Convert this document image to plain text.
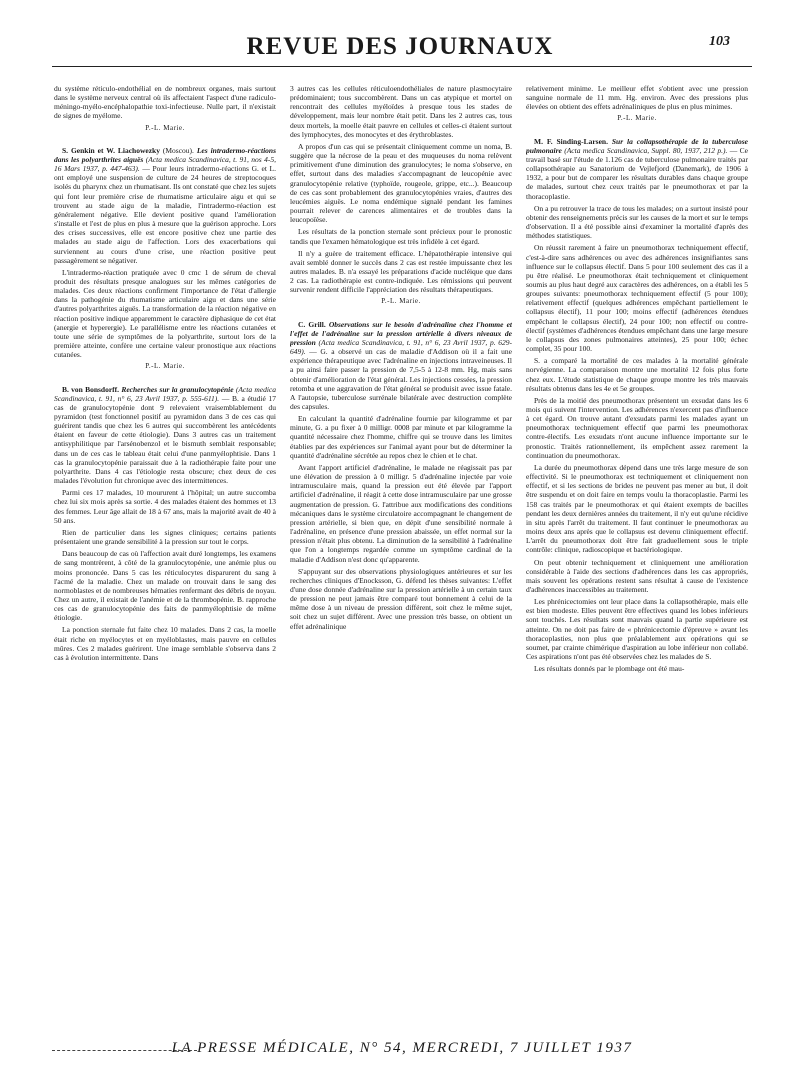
REVUE DES JOURNAUX	103

du système réticulo-endothélial en de nombreux organes, mais surtout dans le système nerveux central où ils affectaient l'aspect d'une radiculo-méningo-myélo-encéphalopathie toxi-infectieuse. Nulle part, il n'existait de signes de myélome.

P.-L. Marie.

S. Genkin et W. Liachowezky (Moscou). Les intradermo-réactions dans les polyarthrites aiguës (Acta medica Scandinavica, t. 91, nos 4-5, 16 Mars 1937, p. 447-463). — Pour leurs intradermo-réactions G. et L. ont employé une suspension de culture de 24 heures de streptocoques isolés du pharynx chez un rhumatisant. Ils ont constaté que chez les sujets qui font leur première crise de rhumatisme articulaire aigu et qui se trouvent au stade aigu de la maladie, l'intradermo-réaction est généralement négative. Elle devient positive quand l'amélioration s'installe et l'est de plus en plus à mesure que la guérison approche. Lors des crises successives, elle est encore positive chez une partie des malades au stade aigu de l'affection. Lors des exacerbations qui surviennent au cours d'une crise, une réaction positive peut passagèrement se négativer.

L'intradermo-réaction pratiquée avec 0 cmc 1 de sérum de cheval produit des résultats presque analogues sur les mêmes catégories de malades. Ces deux réactions confirment l'importance de l'état d'allergie dans la pathogénie du rhumatisme articulaire aigu et dans une série d'autres polyarthrites aiguës. La transformation de la réaction négative en réaction positive indique apparemment le caractère diphasique de cet état (anergie et hyperergie). Le parallélisme entre les réactions cutanées et toute une série de symptômes de la polyarthrite, surtout lors de la première atteinte, confère une certaine valeur pronostique aux réactions cutanées.

P.-L. Marie.

B. von Bonsdorff. Recherches sur la granulocytopénie (Acta medica Scandinavica, t. 91, n° 6, 23 Avril 1937, p. 555-611). — B. a étudié 17 cas de granulocytopénie dont 9 relevaient vraisemblablement du pyramidon (test fonctionnel positif au pyramidon dans 3 de ces cas qui guérirent tandis que chez les 6 autres qui succombèrent les antécédents étaient en faveur de cette étiologie). Dans 3 autres cas un traitement antisyphilitique par l'arsénobenzol et le bismuth semblait responsable; dans un de ces cas le tableau était celui d'une panmyélophtisie. Dans 1 cas la granulocytopénie paraissait due à la radiothérapie faite pour une polyarthrite. Dans 4 cas l'étiologie resta obscure; chez deux de ces malades l'évolution fut chronique avec des intermittences.

Parmi ces 17 malades, 10 moururent à l'hôpital; un autre succomba chez lui six mois après sa sortie. 4 des malades étaient des hommes et 13 des femmes. Leur âge allait de 18 à 67 ans, mais la majorité avait de 40 à 50 ans.

Rien de particulier dans les signes cliniques; certains patients présentaient une grande sensibilité à la pression sur tout le corps.

Dans beaucoup de cas où l'affection avait duré longtemps, les examens de sang montrèrent, à côté de la granulocytopénie, une anémie plus ou moins prononcée. Dans 5 cas les réticulocytes disparurent du sang à l'acmé de la maladie. Chez un malade on trouvait dans le sang des normoblastes et de nombreuses hématies renfermant des débris de noyau. Chez un autre, il existait de l'anémie et de la thrombopénie. B. rapproche ces cas de granulocytopénie des faits de panmyélophtisie de même étiologie.

La ponction sternale fut faite chez 10 malades. Dans 2 cas, la moelle était riche en myélocytes et en myéloblastes, mais pauvre en cellules mûres. Ces 2 malades guérirent. Une image semblable s'observa dans 2 cas à évolution intermittente. Dans

3 autres cas les cellules réticuloendothéliales de nature plasmocytaire prédominaient; tous succombèrent. Dans un cas atypique et mortel on rencontrait des cellules myéloïdes à presque tous les stades de développement, mais leur nombre était petit. Dans les 2 autres cas, tous deux mortels, la moelle était pauvre en cellules et celles-ci étaient surtout des lymphocytes, des monocytes et des érythroblastes.

A propos d'un cas qui se présentait cliniquement comme un noma, B. suggère que la nécrose de la peau et des muqueuses du noma relèvent primitivement d'une diminution des granulocytes; le noma s'observe, en effet, surtout dans des maladies s'accompagnant de leucopénie avec granulocytopénie relative (typhoïde, rougeole, grippe, etc...). Beaucoup de ces cas sont probablement des granulocytopénies vraies, d'autres des leucémies aiguës. Le noma endémique signalé pendant les famines pourrait relever de carences alimentaires et de troubles dans la leucopoïèse.

Les résultats de la ponction sternale sont précieux pour le pronostic tandis que l'examen hématologique est très infidèle à cet égard.

Il n'y a guère de traitement efficace. L'hépatothérapie intensive qui avait semblé donner le succès dans 2 cas est restée impuissante chez les autres malades. B. n'a essayé les préparations d'acide nucléique que dans 2 cas. La radiothérapie est contre-indiquée. Les rémissions qui peuvent survenir rendent difficile l'appréciation des résultats thérapeutiques.

P.-L. Marie.

C. Grill. Observations sur le besoin d'adrénaline chez l'homme et l'effet de l'adrénaline sur la pression artérielle à divers niveaux de pression (Acta medica Scandinavica, t. 91, n° 6, 23 Avril 1937, p. 629-649). — G. a observé un cas de maladie d'Addison où il a fait une expérience thérapeutique avec l'adrénaline en injections intraveineuses. Il a pu ainsi faire passer la pression de 7,5-5 à 12-8 mm. Hg, mais sans obtenir d'amélioration de l'état général. Les injections cessées, la pression retomba et une aggravation de l'état général se produisit avec issue fatale. A l'autopsie, tuberculose surrénale bilatérale avec destruction complète des capsules.

En calculant la quantité d'adrénaline fournie par kilogramme et par minute, G. a pu fixer à 0 milligr. 0008 par minute et par kilogramme la quantité nécessaire chez l'homme, chiffre qui se trouve dans les limites établies par des expériences sur l'animal ayant pour but de déterminer la quantité d'adrénaline sécrétée au repos chez le chien et le chat.

Avant l'apport artificiel d'adrénaline, le malade ne réagissait pas par une élévation de pression à 0 milligr. 5 d'adrénaline injectée par voie intramusculaire mais, quand la pression eut été élevée par l'apport artificiel d'adrénaline, il réagit à cette dose intramusculaire par une grosse augmentation de pression. G. l'attribue aux modifications des conditions mécaniques dans le système circulatoire accompagnant le changement de pression artérielle, si bien que, en dépit d'une sensibilité normale à l'adrénaline, en présence d'une pression abaissée, un effet normal sur la pression n'était plus obtenu. La diminution de la sensibilité à l'adrénaline que l'on a longtemps regardée comme un symptôme cardinal de la maladie d'Addison n'est donc qu'apparente.

S'appuyant sur des observations physiologiques antérieures et sur les recherches cliniques d'Enocksson, G. défend les thèses suivantes: L'effet d'une dose donnée d'adrénaline sur la pression artérielle à un certain taux de pression ne peut jamais être comparé tout bonnement à celui de la même dose à un niveau de pression différent, soit chez le même sujet, soit chez un sujet différent. Avec une pression très basse, on obtient un effet adrénalinique

relativement minime. Le meilleur effet s'obtient avec une pression sanguine normale de 11 mm. Hg. environ. Avec des pressions plus élevées on obtient des effets adrénaliniques de plus en plus minimes.

P.-L. Marie.

M. F. Sinding-Larsen. Sur la collapsothérapie de la tuberculose pulmonaire (Acta medica Scandinavica, Suppl. 80, 1937, 212 p.). — Ce travail basé sur l'étude de 1.126 cas de tuberculose pulmonaire traités par collapsothérapie au Sanatorium de Vejlefjord (Danemark), de 1906 à 1932, a pour but de comparer les résultats durables dans chaque groupe de malades, surtout chez ceux traités par le pneumothorax et par la thoracoplastie.

On a pu retrouver la trace de tous les malades; on a surtout insisté pour obtenir des renseignements précis sur les causes de la mort et sur le temps d'observation. Il a été possible ainsi d'examiner la mortalité d'après des méthodes statistiques.

On réussit rarement à faire un pneumothorax techniquement effectif, c'est-à-dire sans adhérences ou avec des adhérences insignifiantes sans influence sur le collapsus électif. Dans 5 pour 100 seulement des cas il a pu être réalisé. Le pneumothorax était techniquement et cliniquement soumis au plus haut degré aux caractères des adhérences, on a établi les 5 groupes suivants: pneumothorax techniquement effectif (5 pour 100); relativement effectif (quelques adhérences empêchant partiellement le collapsus électif), 11 pour 100; moins effectif (adhérences étendues empêchant le collapsus électif), 24 pour 100; non effectif ou contre-électif (systèmes d'adhérences étendues empêchant dans une large mesure le collapsus des zones pulmonaires atteintes), 25 pour 100; échec complet, 35 pour 100.

S. a comparé la mortalité de ces malades à la mortalité générale norvégienne. La comparaison montre une mortalité 12 fois plus forte chez eux. L'étude statistique de chaque groupe montre les très mauvais résultats obtenus dans les 4e et 5e groupes.

Près de la moitié des pneumothorax présentent un exsudat dans les 6 mois qui suivent l'intervention. Les adhérences n'exercent pas d'influence à cet égard. On trouve autant d'exsudats parmi les malades ayant un pneumothorax techniquement effectif que parmi les pneumothorax contre-électifs. Les exsudats n'ont aucune influence importante sur le pronostic. Traités rationnellement, ils empêchent assez rarement la continuation du pneumothorax.

La durée du pneumothorax dépend dans une très large mesure de son effectivité. Si le pneumothorax est techniquement et cliniquement non effectif, et si les sections de brides ne peuvent pas mener au but, il doit être suspendu et on doit faire en temps voulu la thoracoplastie. Parmi les 158 cas traités par le pneumothorax et qui étaient exempts de bacilles pendant les deux dernières années du traitement, il n'y eut qu'une récidive in situ après l'arrêt du traitement. Il faut continuer le pneumothorax au moins deux ans après que le collapsus est devenu cliniquement effectif. L'arrêt du pneumothorax doit être fait graduellement sous le triple contrôle: clinique, radioscopique et bactériologique.

On peut obtenir techniquement et cliniquement une amélioration considérable à l'aide des sections d'adhérences dans les cas appropriés, mais souvent les opérations restent sans résultat à cause de l'existence d'adhérences inaccessibles au traitement.

Les phrénicectomies ont leur place dans la collapsothérapie, mais elle est bien modeste. Elles peuvent être effectives quand les lobes inférieurs sont touchés. Les résultats sont mauvais quand la partie supérieure est atteinte. On ne doit pas faire de « phrénicectomie d'épreuve » avant les thoracoplasties, non plus que préalablement aux opérations qui se soumet, par crainte chimérique d'aspiration au lobe inférieur non collabé. Ces aspirations n'ont pas été observées chez les malades de S.

Les résultats donnés par le plombage ont été mau-

LA PRESSE MÉDICALE, N° 54, MERCREDI, 7 JUILLET 1937
